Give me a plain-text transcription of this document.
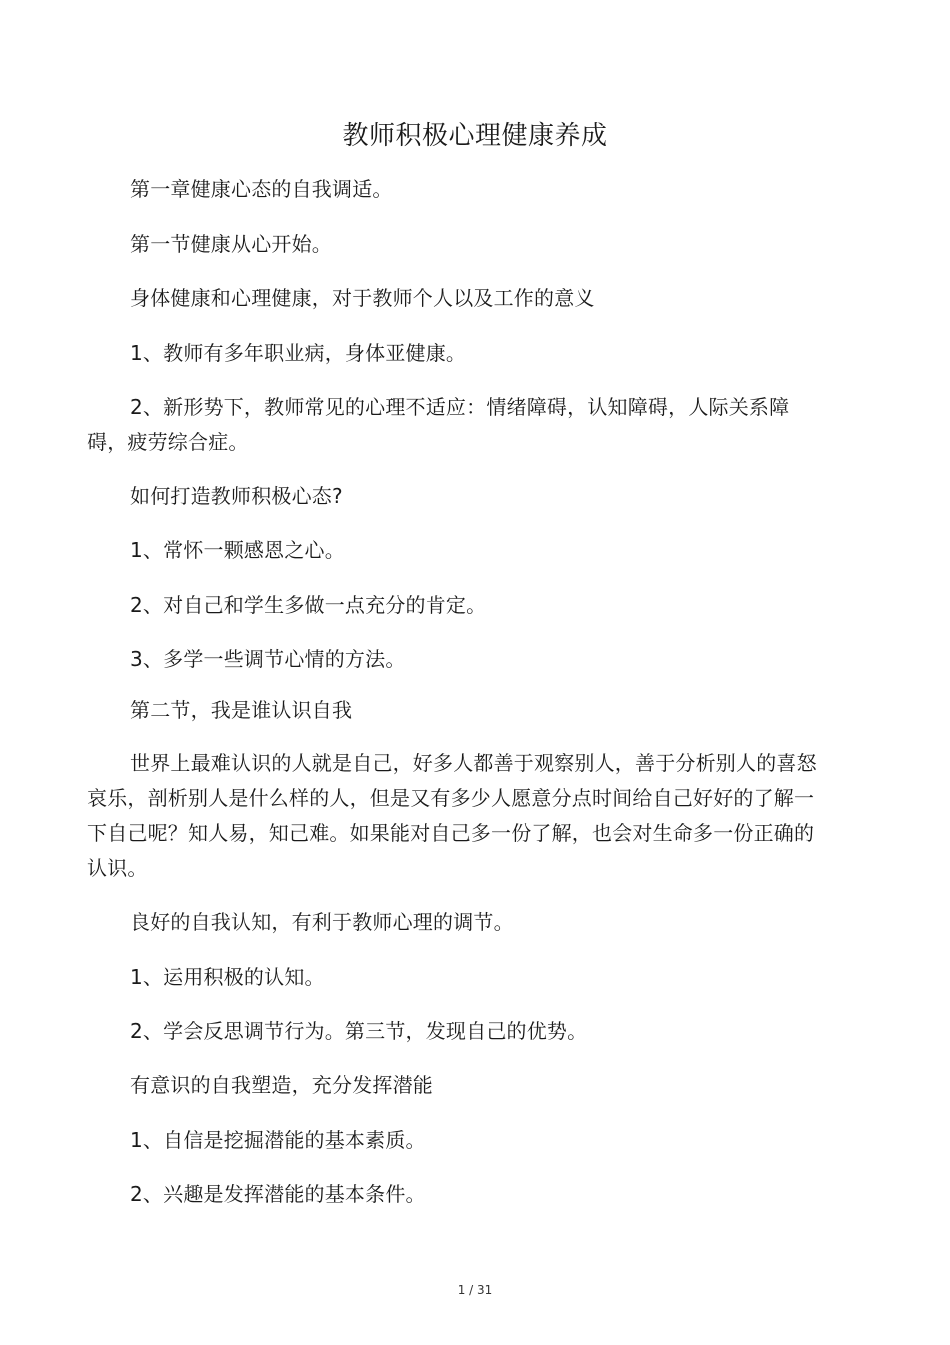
教师积极心理健康养成
第一章健康心态的自我调适。
第一节健康从心开始。
身体健康和心理健康，对于教师个人以及工作的意义
1、教师有多年职业病，身体亚健康。
2、新形势下，教师常见的心理不适应：情绪障碍，认知障碍，人际关系障碍，疲劳综合症。
如何打造教师积极心态?
1、常怀一颗感恩之心。
2、对自己和学生多做一点充分的肯定。
3、多学一些调节心情的方法。
第二节，我是谁认识自我
世界上最难认识的人就是自己，好多人都善于观察别人，善于分析别人的喜怒哀乐，剖析别人是什么样的人，但是又有多少人愿意分点时间给自己好好的了解一下自己呢？知人易，知己难。如果能对自己多一份了解，也会对生命多一份正确的认识。
良好的自我认知，有利于教师心理的调节。
1、运用积极的认知。
2、学会反思调节行为。第三节，发现自己的优势。
有意识的自我塑造，充分发挥潜能
1、自信是挖掘潜能的基本素质。
2、兴趣是发挥潜能的基本条件。
1 / 31
